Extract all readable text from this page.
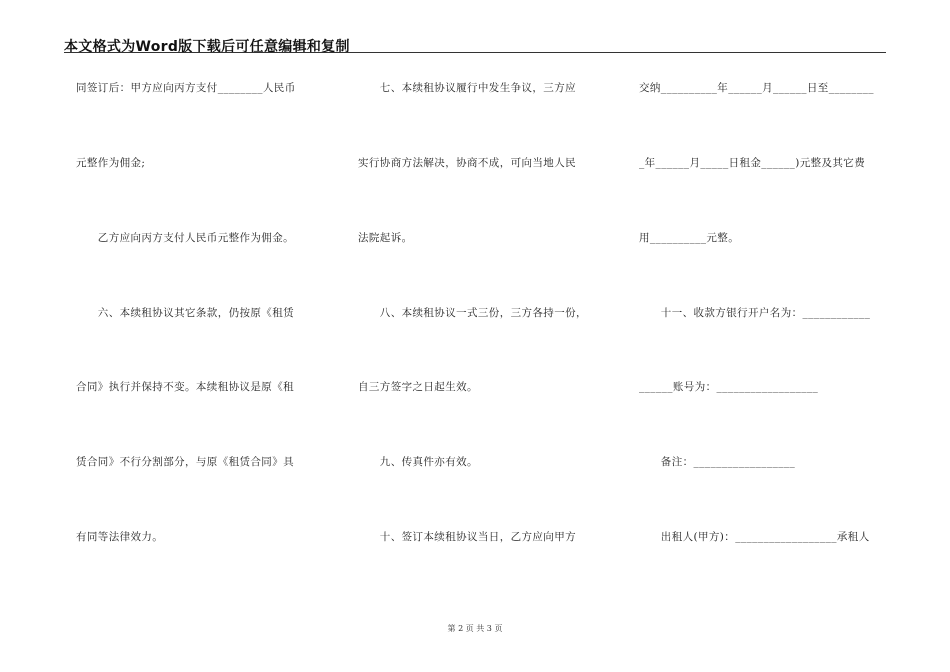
本文格式为Word版下载后可任意编辑和复制
同签订后：甲方应向丙方支付________人民币
元整作为佣金;
　　乙方应向丙方支付人民币元整作为佣金。
　　六、本续租协议其它条款，仍按原《租赁
合同》执行并保持不变。本续租协议是原《租
赁合同》不行分割部分，与原《租赁合同》具
有同等法律效力。
　　七、本续租协议履行中发生争议，三方应
实行协商方法解决，协商不成，可向当地人民
法院起诉。
　　八、本续租协议一式三份，三方各持一份，
自三方签字之日起生效。
　　九、传真件亦有效。
　　十、签订本续租协议当日，乙方应向甲方
交纳__________年______月______日至________
_年______月_____日租金______)元整及其它费
用__________元整。
　　十一、收款方银行开户名为：____________
______账号为：__________________
　　备注：__________________
　　出租人(甲方)：__________________承租人
第 2 页 共 3 页
